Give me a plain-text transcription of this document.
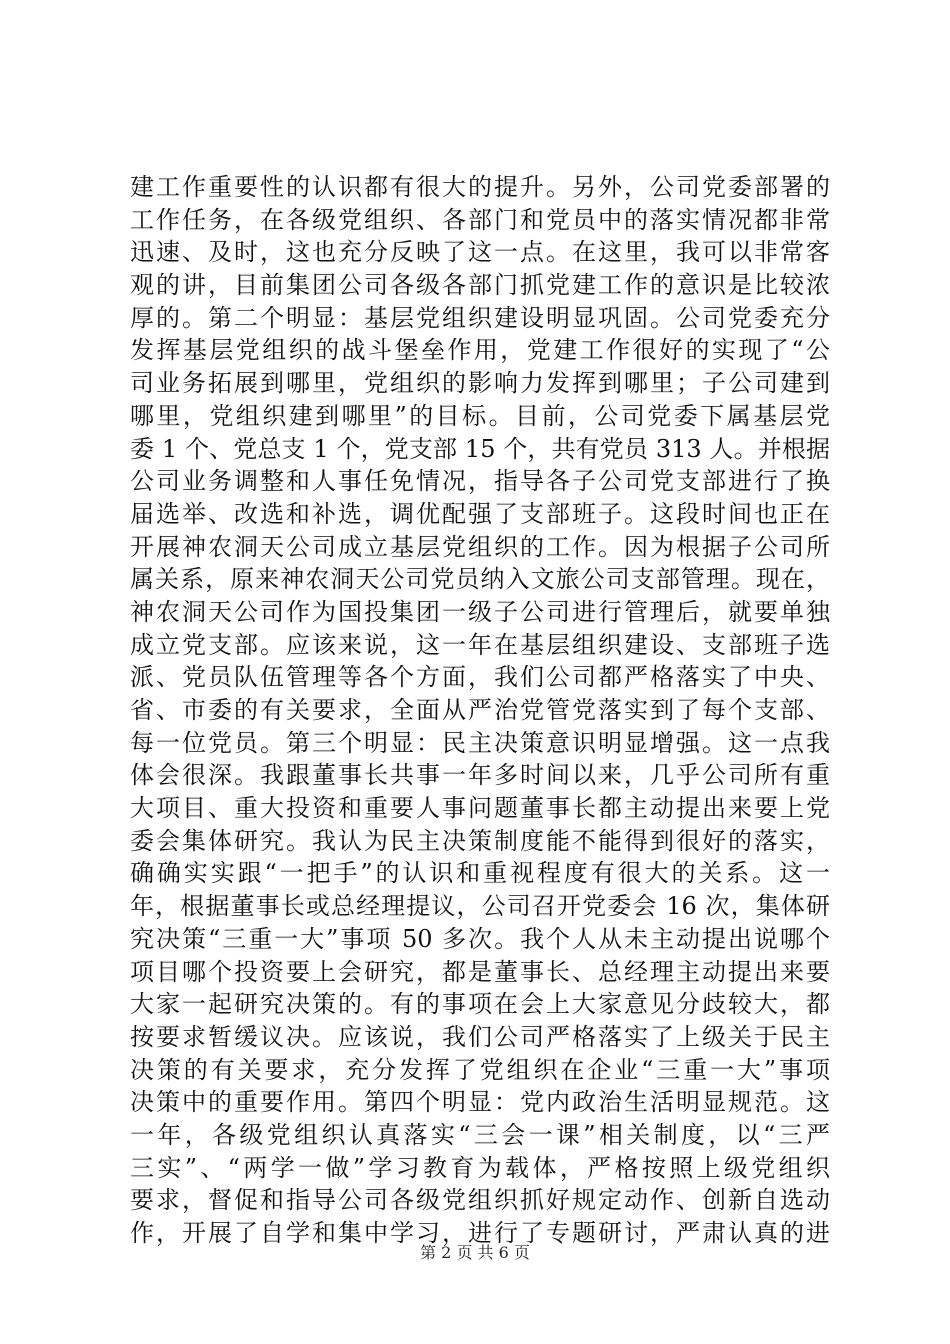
建工作重要性的认识都有很大的提升。另外，公司党委部署的
工作任务，在各级党组织、各部门和党员中的落实情况都非常
迅速、及时，这也充分反映了这一点。在这里，我可以非常客
观的讲，目前集团公司各级各部门抓党建工作的意识是比较浓
厚的。第二个明显：基层党组织建设明显巩固。公司党委充分
发挥基层党组织的战斗堡垒作用，党建工作很好的实现了“公
司业务拓展到哪里，党组织的影响力发挥到哪里；子公司建到
哪里，党组织建到哪里”的目标。目前，公司党委下属基层党
委 1 个、党总支 1 个，党支部 15 个，共有党员 313 人。并根据
公司业务调整和人事任免情况，指导各子公司党支部进行了换
届选举、改选和补选，调优配强了支部班子。这段时间也正在
开展神农洞天公司成立基层党组织的工作。因为根据子公司所
属关系，原来神农洞天公司党员纳入文旅公司支部管理。现在，
神农洞天公司作为国投集团一级子公司进行管理后，就要单独
成立党支部。应该来说，这一年在基层组织建设、支部班子选
派、党员队伍管理等各个方面，我们公司都严格落实了中央、
省、市委的有关要求，全面从严治党管党落实到了每个支部、
每一位党员。第三个明显：民主决策意识明显增强。这一点我
体会很深。我跟董事长共事一年多时间以来，几乎公司所有重
大项目、重大投资和重要人事问题董事长都主动提出来要上党
委会集体研究。我认为民主决策制度能不能得到很好的落实，
确确实实跟“一把手”的认识和重视程度有很大的关系。这一
年，根据董事长或总经理提议，公司召开党委会 16 次，集体研
究决策“三重一大”事项 50 多次。我个人从未主动提出说哪个
项目哪个投资要上会研究，都是董事长、总经理主动提出来要
大家一起研究决策的。有的事项在会上大家意见分歧较大，都
按要求暂缓议决。应该说，我们公司严格落实了上级关于民主
决策的有关要求，充分发挥了党组织在企业“三重一大”事项
决策中的重要作用。第四个明显：党内政治生活明显规范。这
一年，各级党组织认真落实“三会一课”相关制度，以“三严
三实”、“两学一做”学习教育为载体，严格按照上级党组织
要求，督促和指导公司各级党组织抓好规定动作、创新自选动
作，开展了自学和集中学习，进行了专题研讨，严肃认真的进
第 2 页 共 6 页
